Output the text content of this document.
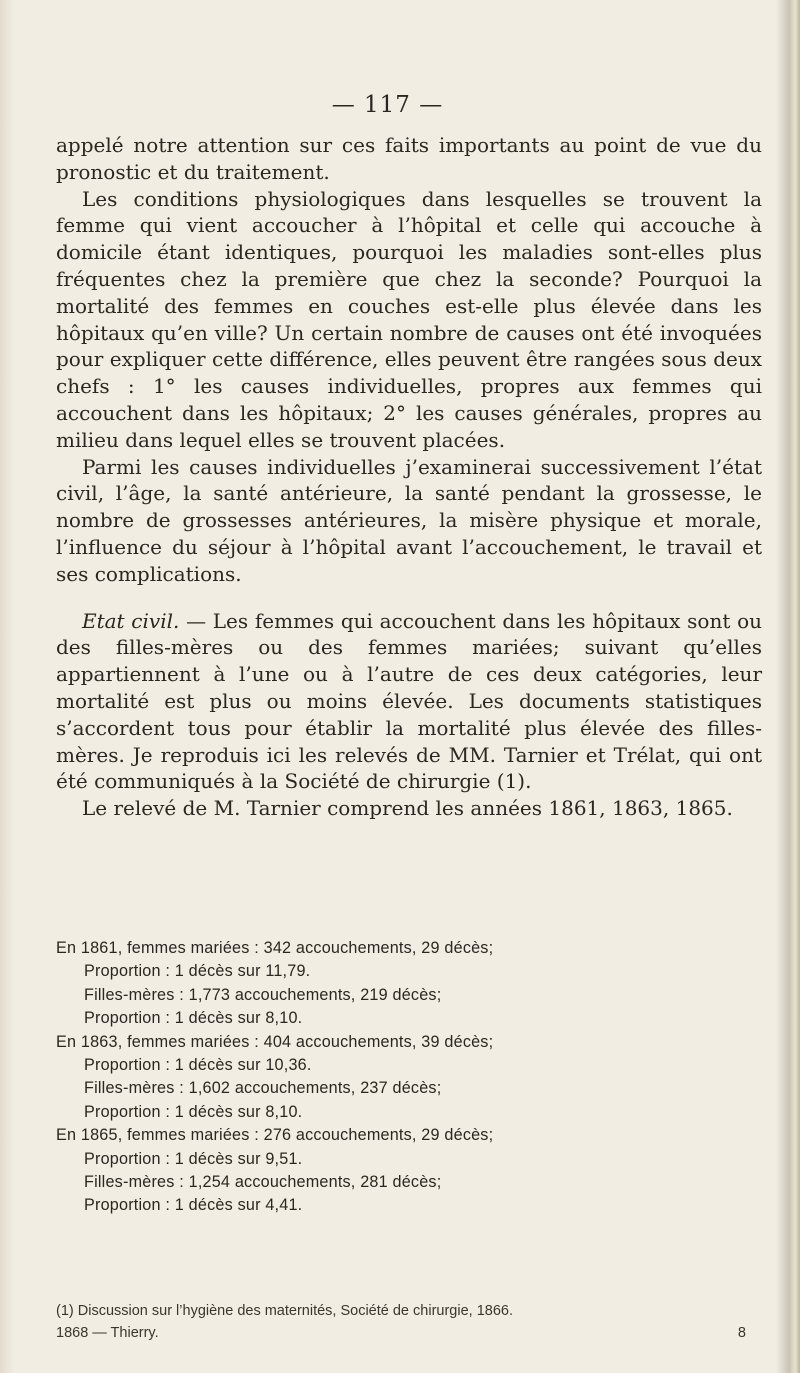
— 117 —

appelé notre attention sur ces faits importants au point de vue du pronostic et du traitement.

Les conditions physiologiques dans lesquelles se trouvent la femme qui vient accoucher à l’hôpital et celle qui accouche à domicile étant identiques, pourquoi les maladies sont-elles plus fréquentes chez la première que chez la seconde? Pourquoi la mortalité des femmes en couches est-elle plus élevée dans les hôpitaux qu’en ville? Un certain nombre de causes ont été invoquées pour expliquer cette différence, elles peuvent être rangées sous deux chefs : 1° les causes individuelles, propres aux femmes qui accouchent dans les hôpitaux; 2° les causes générales, propres au milieu dans lequel elles se trouvent placées.

Parmi les causes individuelles j’examinerai successivement l’état civil, l’âge, la santé antérieure, la santé pendant la grossesse, le nombre de grossesses antérieures, la misère physique et morale, l’influence du séjour à l’hôpital avant l’accouchement, le travail et ses complications.

Etat civil. — Les femmes qui accouchent dans les hôpitaux sont ou des filles-mères ou des femmes mariées; suivant qu’elles appartiennent à l’une ou à l’autre de ces deux catégories, leur mortalité est plus ou moins élevée. Les documents statistiques s’accordent tous pour établir la mortalité plus élevée des filles-mères. Je reproduis ici les relevés de MM. Tarnier et Trélat, qui ont été communiqués à la Société de chirurgie (1).

Le relevé de M. Tarnier comprend les années 1861, 1863, 1865.

En 1861, femmes mariées : 342 accouchements, 29 décès;
Proportion : 1 décès sur 11,79.
Filles-mères : 1,773 accouchements, 219 décès;
Proportion : 1 décès sur 8,10.
En 1863, femmes mariées : 404 accouchements, 39 décès;
Proportion : 1 décès sur 10,36.
Filles-mères : 1,602 accouchements, 237 décès;
Proportion : 1 décès sur 8,10.
En 1865, femmes mariées : 276 accouchements, 29 décès;
Proportion : 1 décès sur 9,51.
Filles-mères : 1,254 accouchements, 281 décès;
Proportion : 1 décès sur 4,41.
(1) Discussion sur l’hygiène des maternités, Société de chirurgie, 1866.
1868 — Thierry.	8
